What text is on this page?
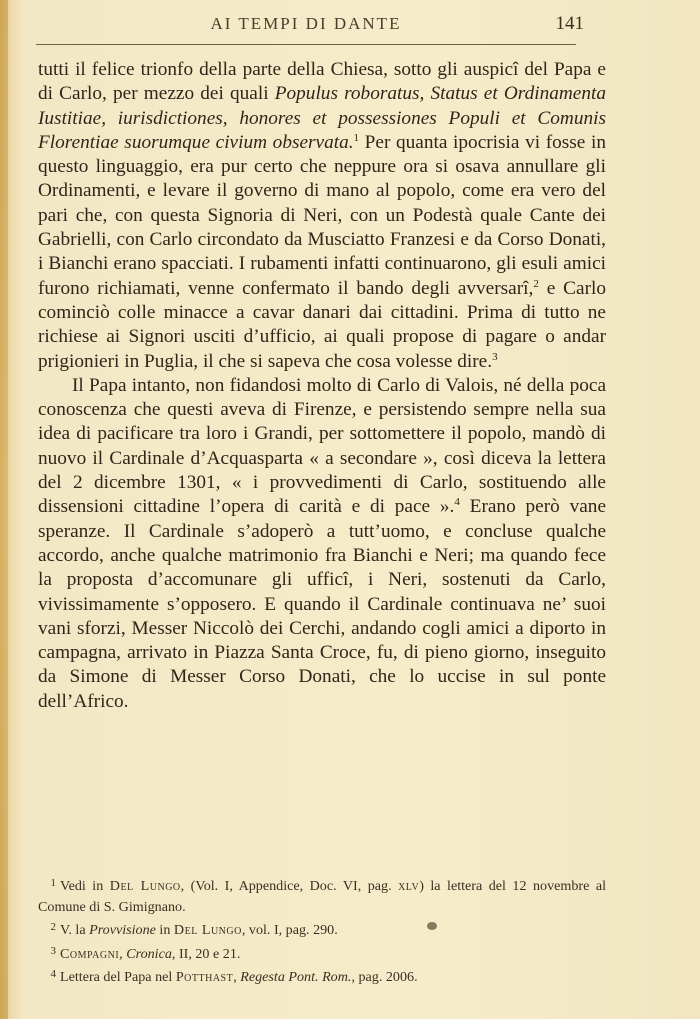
AI TEMPI DI DANTE	141

tutti il felice trionfo della parte della Chiesa, sotto gli auspicî del Papa e di Carlo, per mezzo dei quali Populus roboratus, Status et Ordinamenta Iustitiae, iurisdictiones, honores et possessiones Populi et Comunis Florentiae suorumque civium observata.$^1$ Per quanta ipocrisia vi fosse in questo linguaggio, era pur certo che neppure ora si osava annullare gli Ordinamenti, e levare il governo di mano al popolo, come era vero del pari che, con questa Signoria di Neri, con un Podestà quale Cante dei Gabrielli, con Carlo circondato da Musciatto Franzesi e da Corso Donati, i Bianchi erano spacciati. I rubamenti infatti continuarono, gli esuli amici furono richiamati, venne confermato il bando degli avversarî,$^2$ e Carlo cominciò colle minacce a cavar danari dai cittadini. Prima di tutto ne richiese ai Signori usciti d’ufficio, ai quali propose di pagare o andar prigionieri in Puglia, il che si sapeva che cosa volesse dire.$^3$

Il Papa intanto, non fidandosi molto di Carlo di Valois, né della poca conoscenza che questi aveva di Firenze, e persistendo sempre nella sua idea di pacificare tra loro i Grandi, per sottomettere il popolo, mandò di nuovo il Cardinale d’Acquasparta « a secondare », così diceva la lettera del 2 dicembre 1301, « i provvedimenti di Carlo, sostituendo alle dissensioni cittadine l’opera di carità e di pace ».$^4$ Erano però vane speranze. Il Cardinale s’adoperò a tutt’uomo, e concluse qualche accordo, anche qualche matrimonio fra Bianchi e Neri; ma quando fece la proposta d’accomunare gli ufficî, i Neri, sostenuti da Carlo, vivissimamente s’opposero. E quando il Cardinale continuava ne’ suoi vani sforzi, Messer Niccolò dei Cerchi, andando cogli amici a diporto in campagna, arrivato in Piazza Santa Croce, fu, di pieno giorno, inseguito da Simone di Messer Corso Donati, che lo uccise in sul ponte dell’Africo.

1 Vedi in Del Lungo, (Vol. I, Appendice, Doc. VI, pag. xlv) la lettera del 12 novembre al Comune di S. Gimignano.
2 V. la Provvisione in Del Lungo, vol. I, pag. 290.
3 Compagni, Cronica, II, 20 e 21.
4 Lettera del Papa nel Potthast, Regesta Pont. Rom., pag. 2006.
